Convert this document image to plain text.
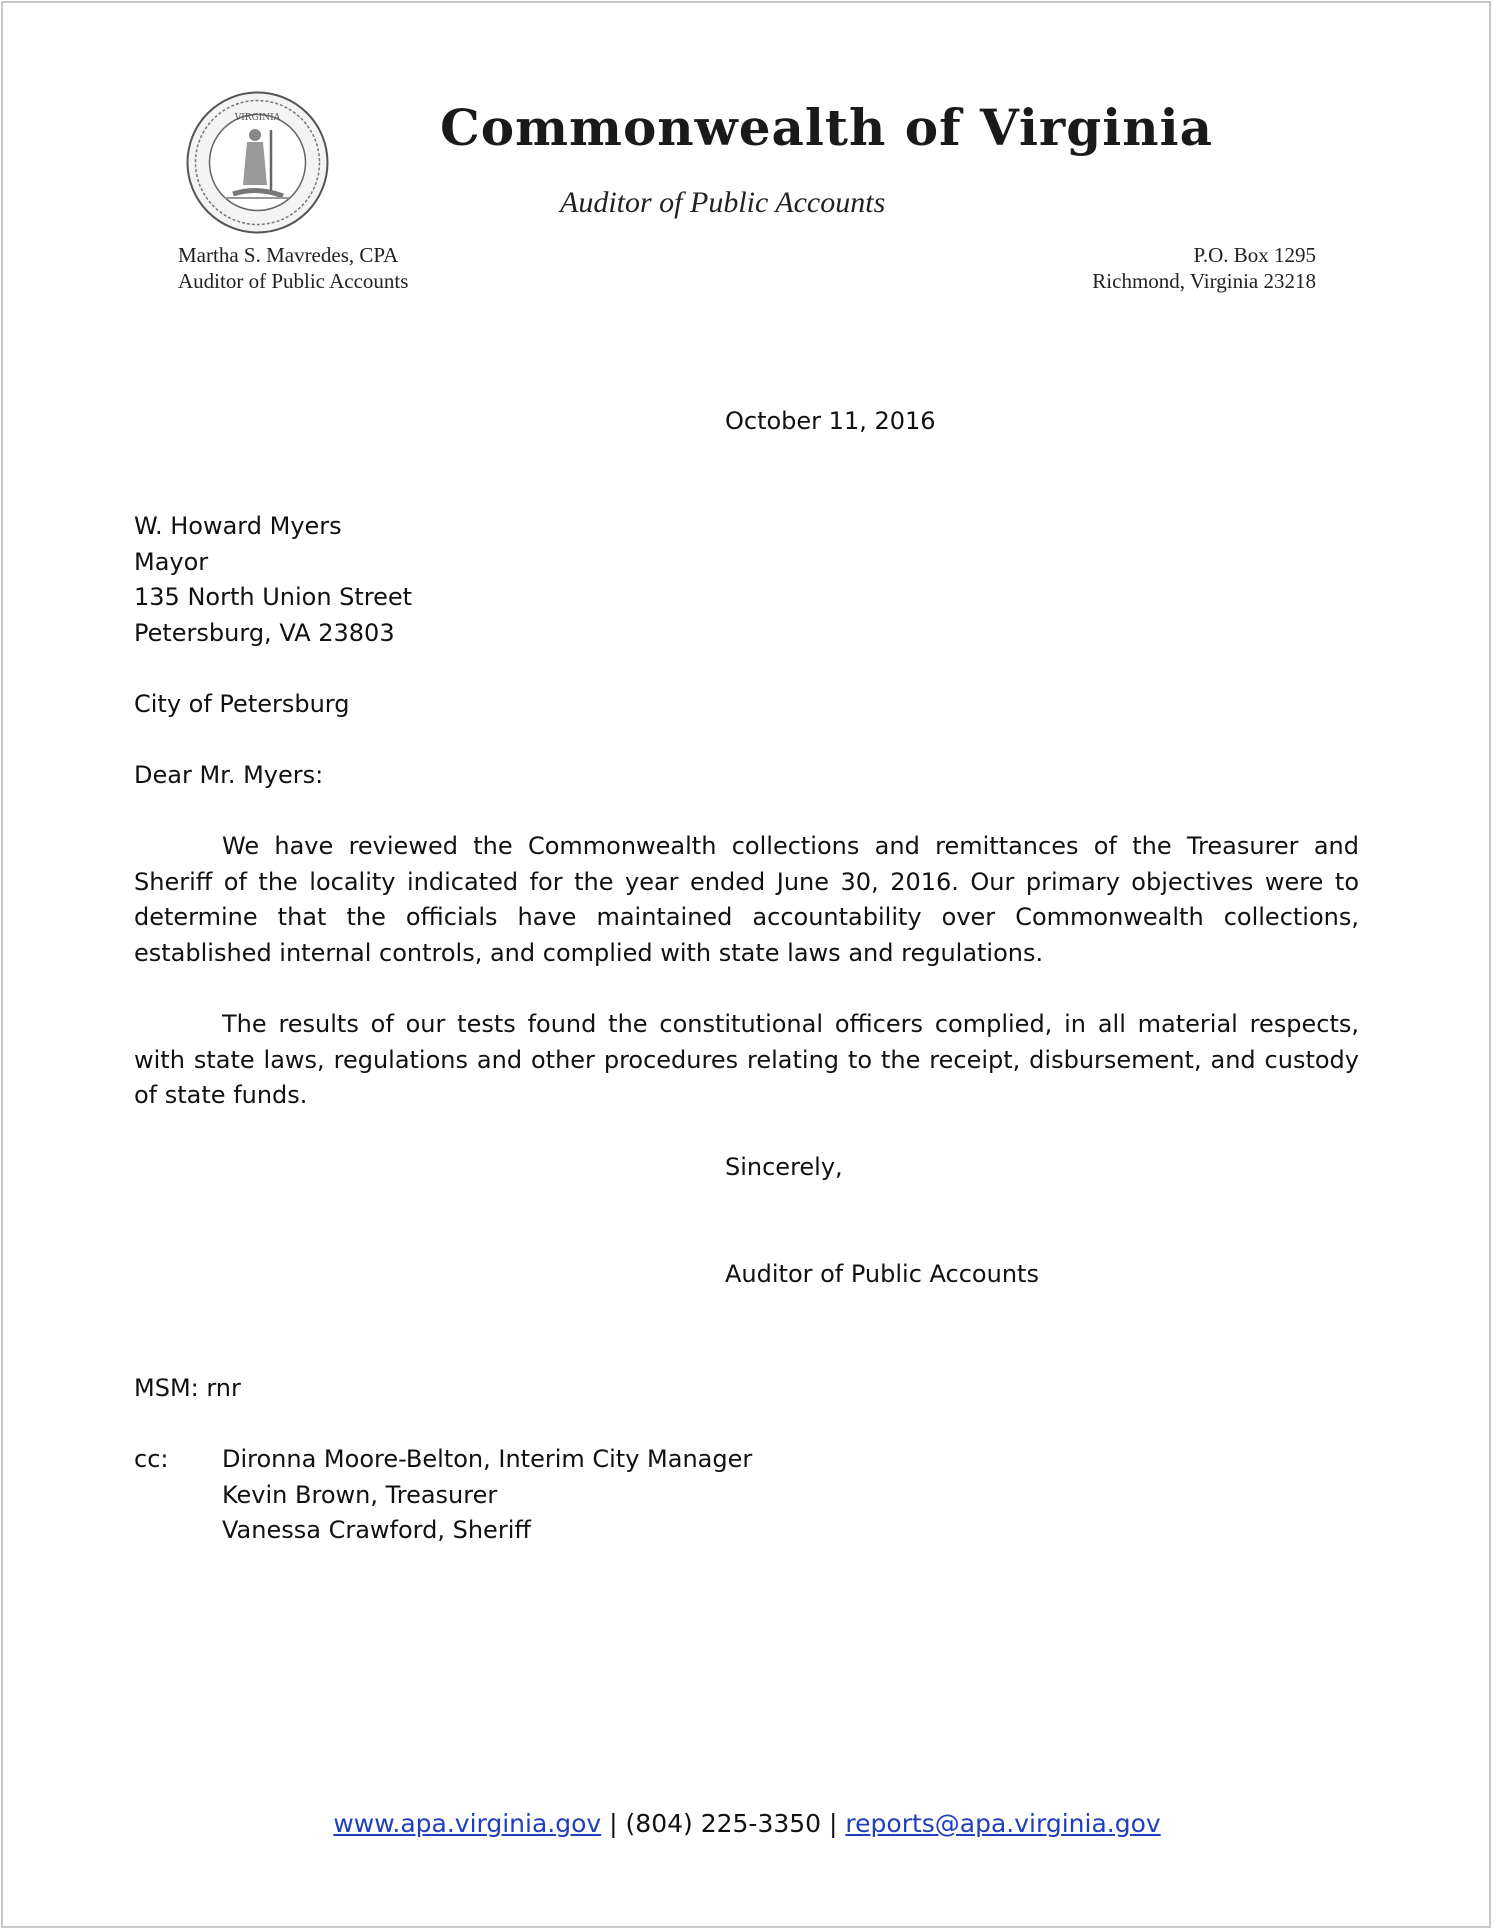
VIRGINIA	Commonwealth of Virginia
Auditor of Public Accounts
Martha S. Mavredes, CPA
Auditor of Public Accounts
P.O. Box 1295
Richmond, Virginia 23218
October 11, 2016
W. Howard Myers
Mayor
135 North Union Street
Petersburg, VA 23803
City of Petersburg
Dear Mr. Myers:
We have reviewed the Commonwealth collections and remittances of the Treasurer and Sheriff of the locality indicated for the year ended June 30, 2016. Our primary objectives were to determine that the officials have maintained accountability over Commonwealth collections, established internal controls, and complied with state laws and regulations.
The results of our tests found the constitutional officers complied, in all material respects, with state laws, regulations and other procedures relating to the receipt, disbursement, and custody of state funds.
Sincerely,
Auditor of Public Accounts
MSM: rnr
cc: Dironna Moore-Belton, Interim City Manager
Kevin Brown, Treasurer
Vanessa Crawford, Sheriff
www.apa.virginia.gov | (804) 225-3350 | reports@apa.virginia.gov
